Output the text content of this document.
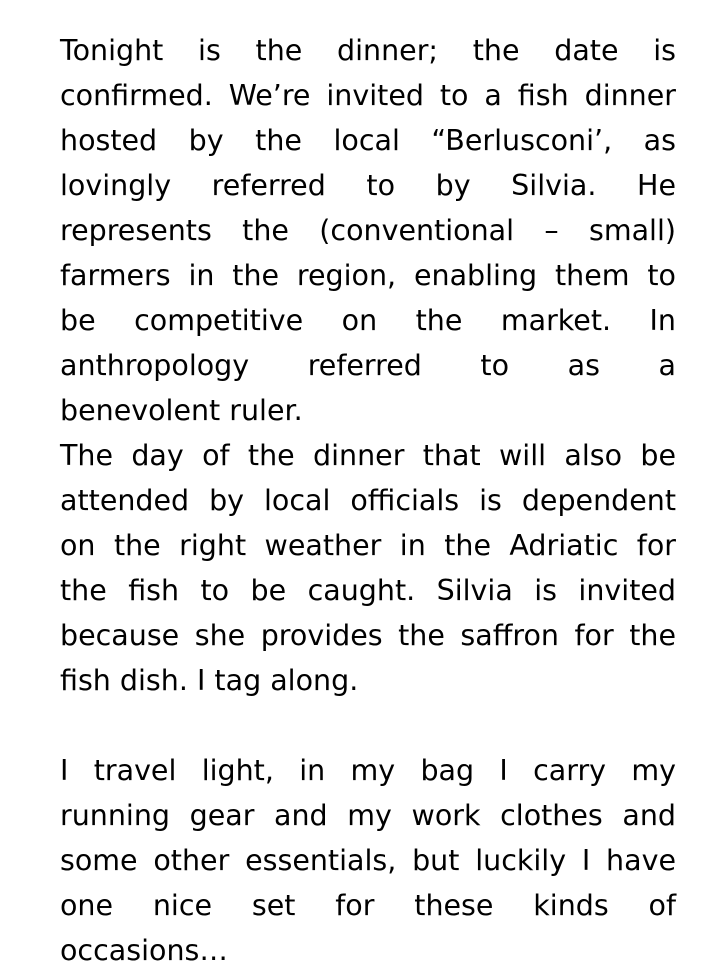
Tonight is the dinner; the date is
confirmed. We’re invited to a fish dinner
hosted by the local “Berlusconi’, as
lovingly referred to by Silvia. He
represents the (conventional – small)
farmers in the region, enabling them to
be competitive on the market. In
anthropology referred to as a
benevolent ruler.
The day of the dinner that will also be
attended by local officials is dependent
on the right weather in the Adriatic for
the fish to be caught. Silvia is invited
because she provides the saffron for the
fish dish. I tag along.
I travel light, in my bag I carry my
running gear and my work clothes and
some other essentials, but luckily I have
one nice set for these kinds of
occasions…
